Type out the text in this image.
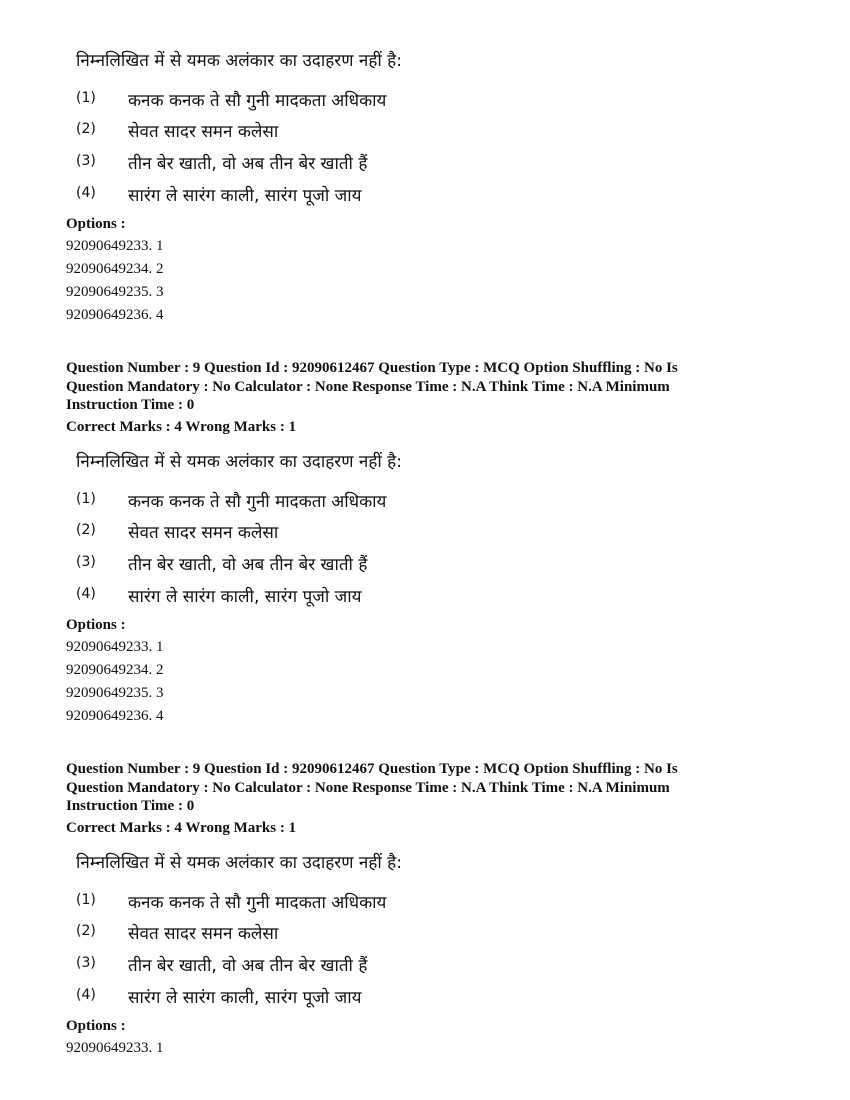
निम्नलिखित में से यमक अलंकार का उदाहरण नहीं है:
(1) कनक कनक ते सौ गुनी मादकता अधिकाय
(2) सेवत सादर समन कलेसा
(3) तीन बेर खाती, वो अब तीन बेर खाती हैं
(4) सारंग ले सारंग काली, सारंग पूजो जाय
Options :
92090649233. 1
92090649234. 2
92090649235. 3
92090649236. 4
Question Number : 9 Question Id : 92090612467 Question Type : MCQ Option Shuffling : No Is
Question Mandatory : No Calculator : None Response Time : N.A Think Time : N.A Minimum
Instruction Time : 0
Correct Marks : 4 Wrong Marks : 1
निम्नलिखित में से यमक अलंकार का उदाहरण नहीं है:
(1) कनक कनक ते सौ गुनी मादकता अधिकाय
(2) सेवत सादर समन कलेसा
(3) तीन बेर खाती, वो अब तीन बेर खाती हैं
(4) सारंग ले सारंग काली, सारंग पूजो जाय
Options :
92090649233. 1
92090649234. 2
92090649235. 3
92090649236. 4
Question Number : 9 Question Id : 92090612467 Question Type : MCQ Option Shuffling : No Is
Question Mandatory : No Calculator : None Response Time : N.A Think Time : N.A Minimum
Instruction Time : 0
Correct Marks : 4 Wrong Marks : 1
निम्नलिखित में से यमक अलंकार का उदाहरण नहीं है:
(1) कनक कनक ते सौ गुनी मादकता अधिकाय
(2) सेवत सादर समन कलेसा
(3) तीन बेर खाती, वो अब तीन बेर खाती हैं
(4) सारंग ले सारंग काली, सारंग पूजो जाय
Options :
92090649233. 1
